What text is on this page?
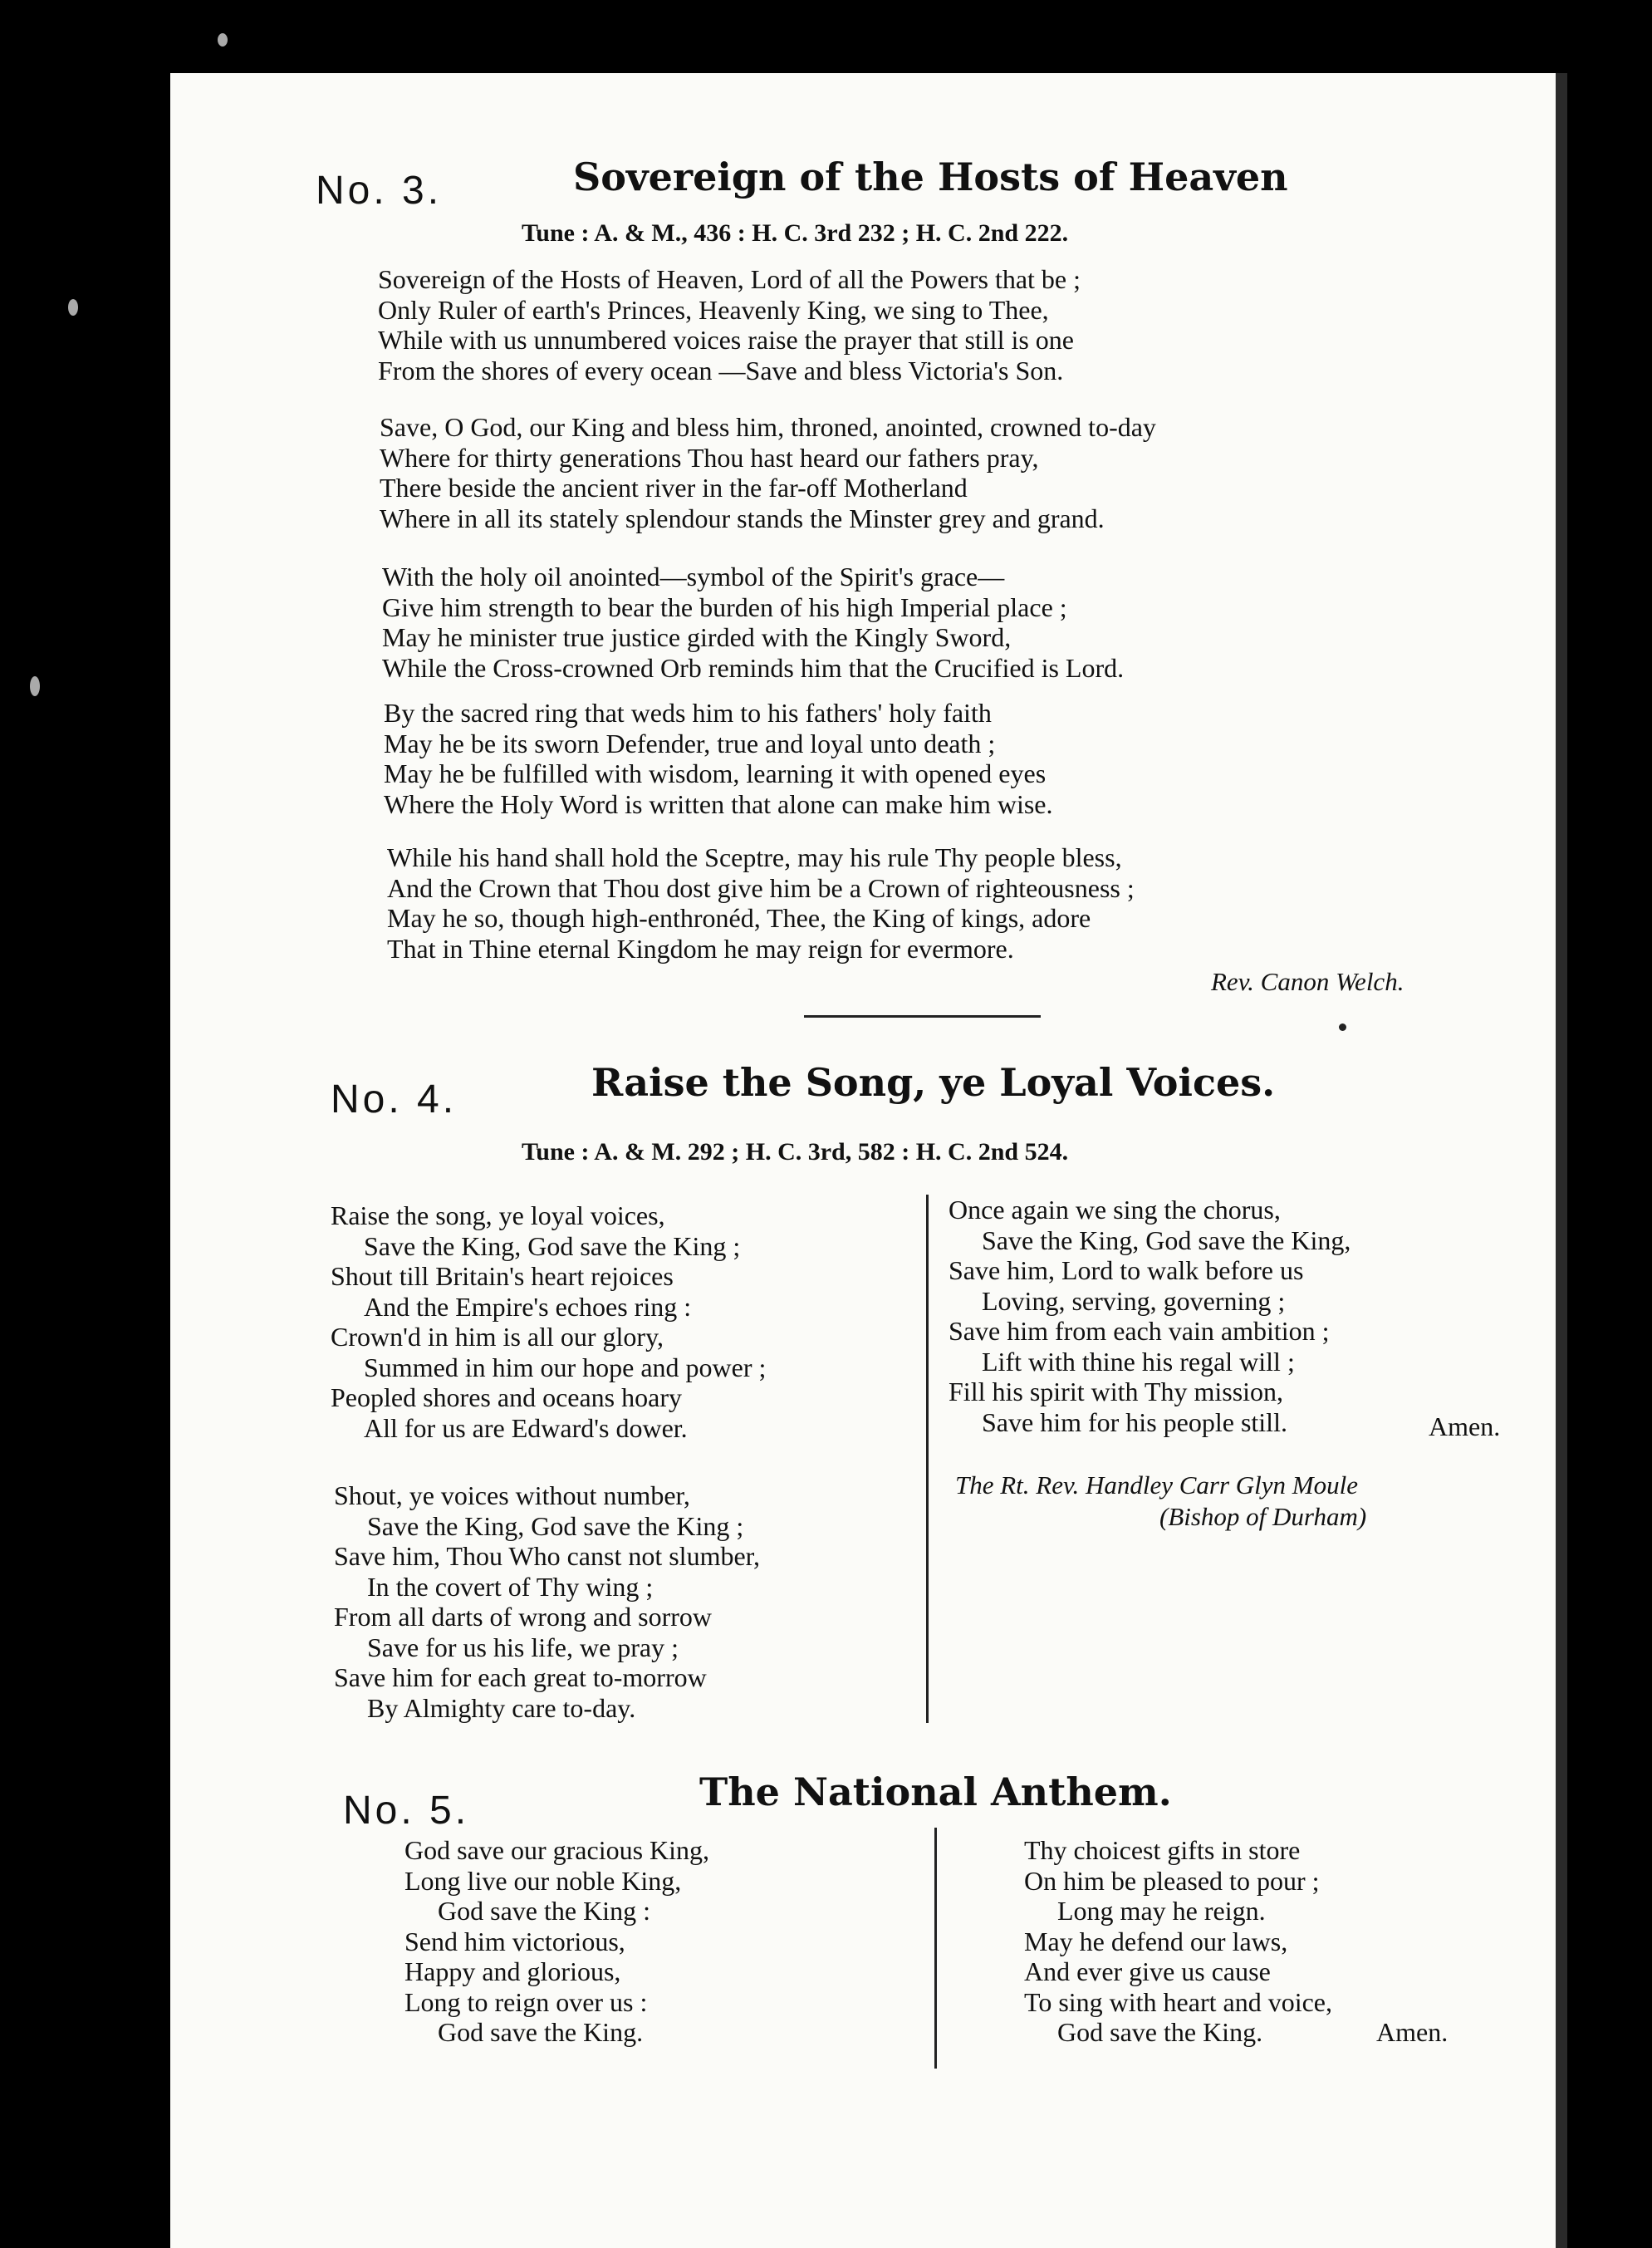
No. 3.	Sovereign of the Hosts of Heaven
Tune : A. & M., 436 : H. C. 3rd 232 ; H. C. 2nd 222.
Sovereign of the Hosts of Heaven, Lord of all the Powers that be ;
Only Ruler of earth's Princes, Heavenly King, we sing to Thee,
While with us unnumbered voices raise the prayer that still is one
From the shores of every ocean —Save and bless Victoria's Son.
Save, O God, our King and bless him, throned, anointed, crowned to-day
Where for thirty generations Thou hast heard our fathers pray,
There beside the ancient river in the far-off Motherland
Where in all its stately splendour stands the Minster grey and grand.
With the holy oil anointed—symbol of the Spirit's grace—
Give him strength to bear the burden of his high Imperial place ;
May he minister true justice girded with the Kingly Sword,
While the Cross-crowned Orb reminds him that the Crucified is Lord.
By the sacred ring that weds him to his fathers' holy faith
May he be its sworn Defender, true and loyal unto death ;
May he be fulfilled with wisdom, learning it with opened eyes
Where the Holy Word is written that alone can make him wise.
While his hand shall hold the Sceptre, may his rule Thy people bless,
And the Crown that Thou dost give him be a Crown of righteousness ;
May he so, though high-enthronéd, Thee, the King of kings, adore
That in Thine eternal Kingdom he may reign for evermore.
Rev. Canon Welch.
No. 4.	Raise the Song, ye Loyal Voices.
Tune : A. & M. 292 ; H. C. 3rd, 582 : H. C. 2nd 524.
Raise the song, ye loyal voices,
Save the King, God save the King ;
Shout till Britain's heart rejoices
And the Empire's echoes ring :
Crown'd in him is all our glory,
Summed in him our hope and power ;
Peopled shores and oceans hoary
All for us are Edward's dower.
Shout, ye voices without number,
Save the King, God save the King ;
Save him, Thou Who canst not slumber,
In the covert of Thy wing ;
From all darts of wrong and sorrow
Save for us his life, we pray ;
Save him for each great to-morrow
By Almighty care to-day.
Once again we sing the chorus,
Save the King, God save the King,
Save him, Lord to walk before us
Loving, serving, governing ;
Save him from each vain ambition ;
Lift with thine his regal will ;
Fill his spirit with Thy mission,
Save him for his people still.	Amen.
The Rt. Rev. Handley Carr Glyn Moule
(Bishop of Durham)
No. 5.	The National Anthem.
God save our gracious King,
Long live our noble King,
God save the King :
Send him victorious,
Happy and glorious,
Long to reign over us :
God save the King.
Thy choicest gifts in store
On him be pleased to pour ;
Long may he reign.
May he defend our laws,
And ever give us cause
To sing with heart and voice,
God save the King.	Amen.
